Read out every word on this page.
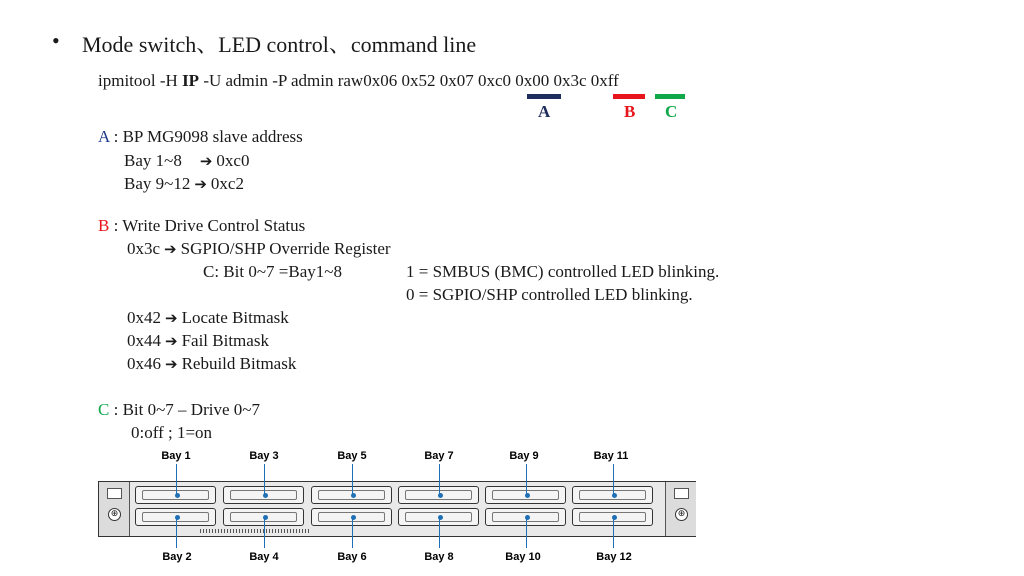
• Mode switch、LED control、command line
ipmitool -H IP -U admin -P admin raw0x06 0x52 0x07 0xc0 0x00 0x3c 0xff
A	B C
A : BP MG9098 slave address
Bay 1~8 ➔ 0xc0
Bay 9~12 ➔ 0xc2
B : Write Drive Control Status
0x3c ➔ SGPIO/SHP Override Register
C: Bit 0~7 =Bay1~8	1 = SMBUS (BMC) controlled LED blinking.
0 = SGPIO/SHP controlled LED blinking.
0x42 ➔ Locate Bitmask
0x44 ➔ Fail Bitmask
0x46 ➔ Rebuild Bitmask
C : Bit 0~7 – Drive 0~7
0:off ; 1=on
Bay 1	Bay 3	Bay 5	Bay 7	Bay 9	Bay 11
⊕	⊕
Bay 2	Bay 4	Bay 6	Bay 8	Bay 10	Bay 12
